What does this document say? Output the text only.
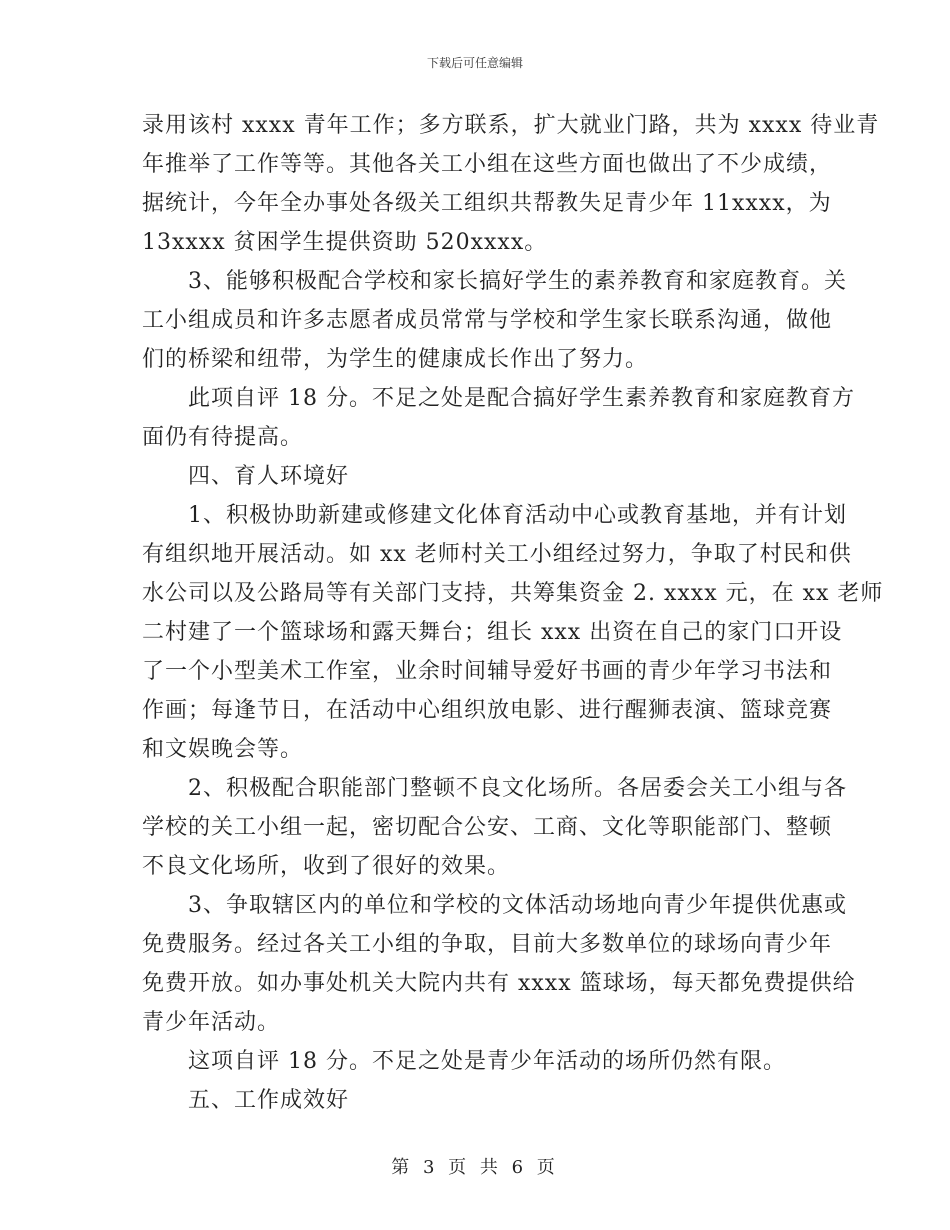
下载后可任意编辑
录用该村 xxxx 青年工作；多方联系，扩大就业门路，共为 xxxx 待业青
年推举了工作等等。其他各关工小组在这些方面也做出了不少成绩，
据统计，今年全办事处各级关工组织共帮教失足青少年 11xxxx，为
13xxxx 贫困学生提供资助 520xxxx。
3、能够积极配合学校和家长搞好学生的素养教育和家庭教育。关
工小组成员和许多志愿者成员常常与学校和学生家长联系沟通，做他
们的桥梁和纽带，为学生的健康成长作出了努力。
此项自评 18 分。不足之处是配合搞好学生素养教育和家庭教育方
面仍有待提高。
四、育人环境好
1、积极协助新建或修建文化体育活动中心或教育基地，并有计划
有组织地开展活动。如 xx 老师村关工小组经过努力，争取了村民和供
水公司以及公路局等有关部门支持，共筹集资金 2. xxxx 元，在 xx 老师
二村建了一个篮球场和露天舞台；组长 xxx 出资在自己的家门口开设
了一个小型美术工作室，业余时间辅导爱好书画的青少年学习书法和
作画；每逢节日，在活动中心组织放电影、进行醒狮表演、篮球竞赛
和文娱晚会等。
2、积极配合职能部门整顿不良文化场所。各居委会关工小组与各
学校的关工小组一起，密切配合公安、工商、文化等职能部门、整顿
不良文化场所，收到了很好的效果。
3、争取辖区内的单位和学校的文体活动场地向青少年提供优惠或
免费服务。经过各关工小组的争取，目前大多数单位的球场向青少年
免费开放。如办事处机关大院内共有 xxxx 篮球场，每天都免费提供给
青少年活动。
这项自评 18 分。不足之处是青少年活动的场所仍然有限。
五、工作成效好
第 3 页 共 6 页
